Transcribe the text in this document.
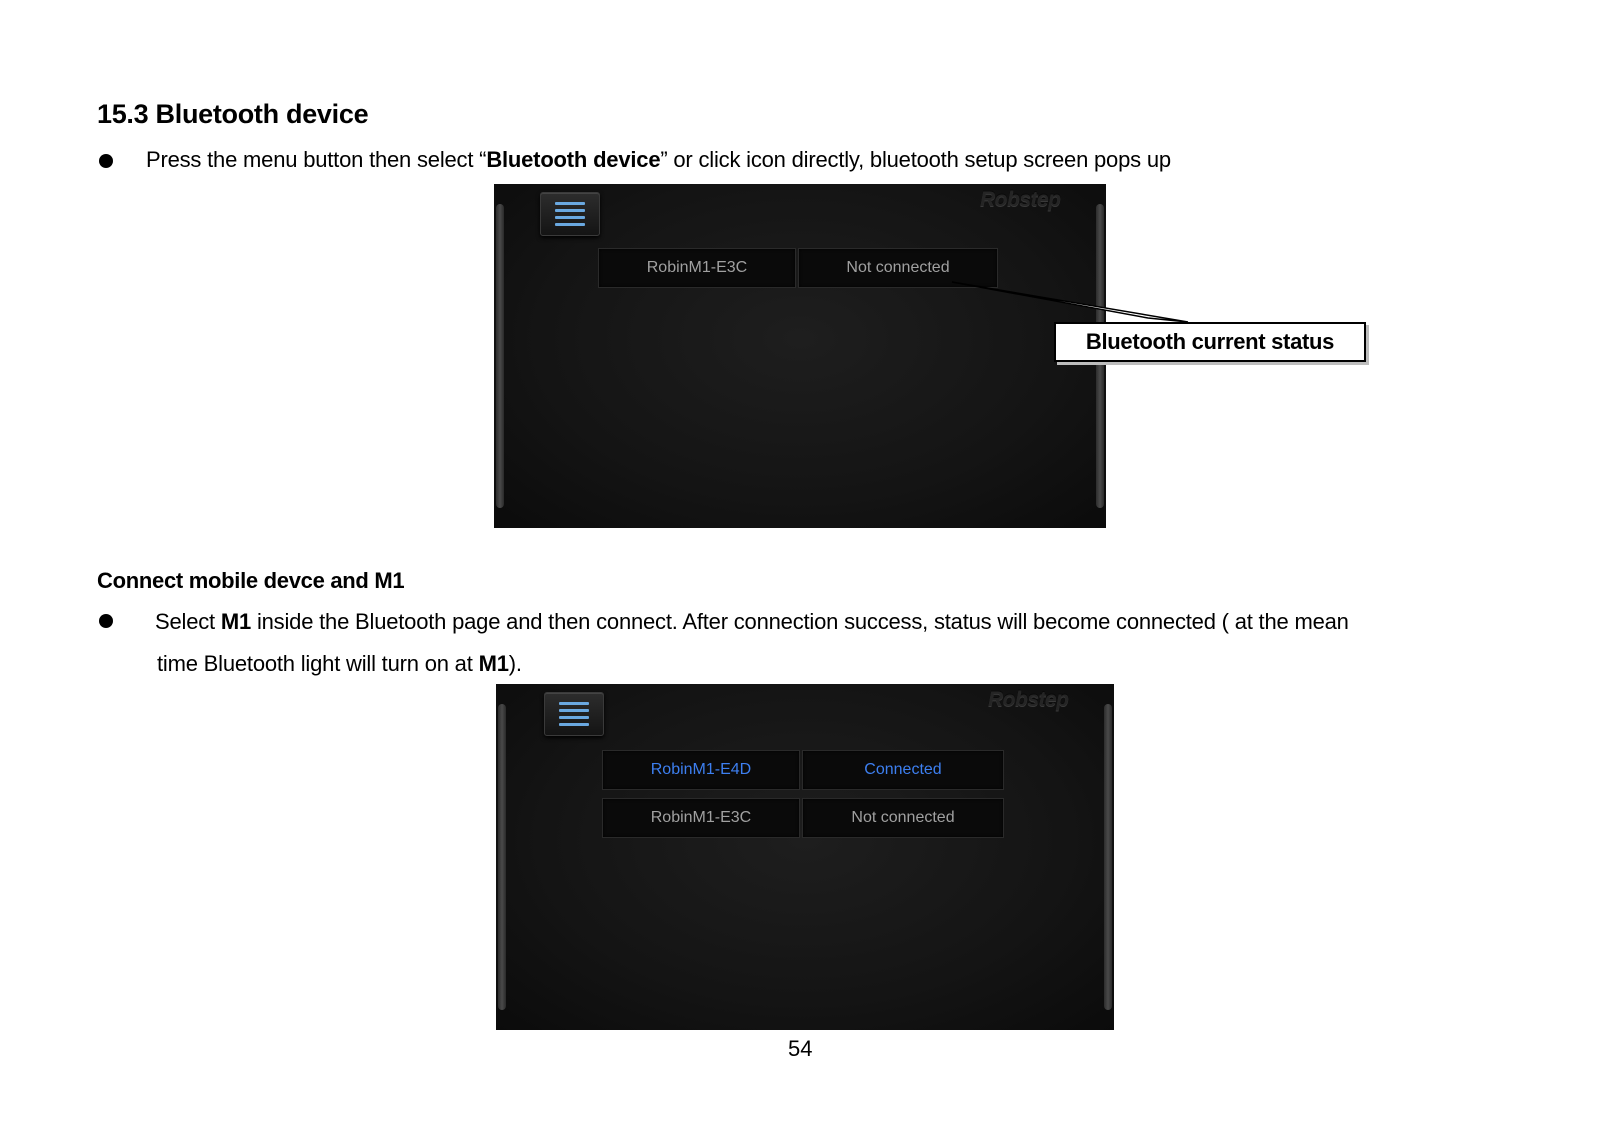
15.3 Bluetooth device
Press the menu button then select “Bluetooth device” or click icon directly, bluetooth setup screen pops up
Robstep
RobinM1-E3C	Not connected
Bluetooth current status
Connect mobile devce and M1
Select M1 inside the Bluetooth page and then connect. After connection success, status will become connected ( at the mean
time Bluetooth light will turn on at M1).
Robstep
RobinM1-E4D	Connected
RobinM1-E3C	Not connected
54
